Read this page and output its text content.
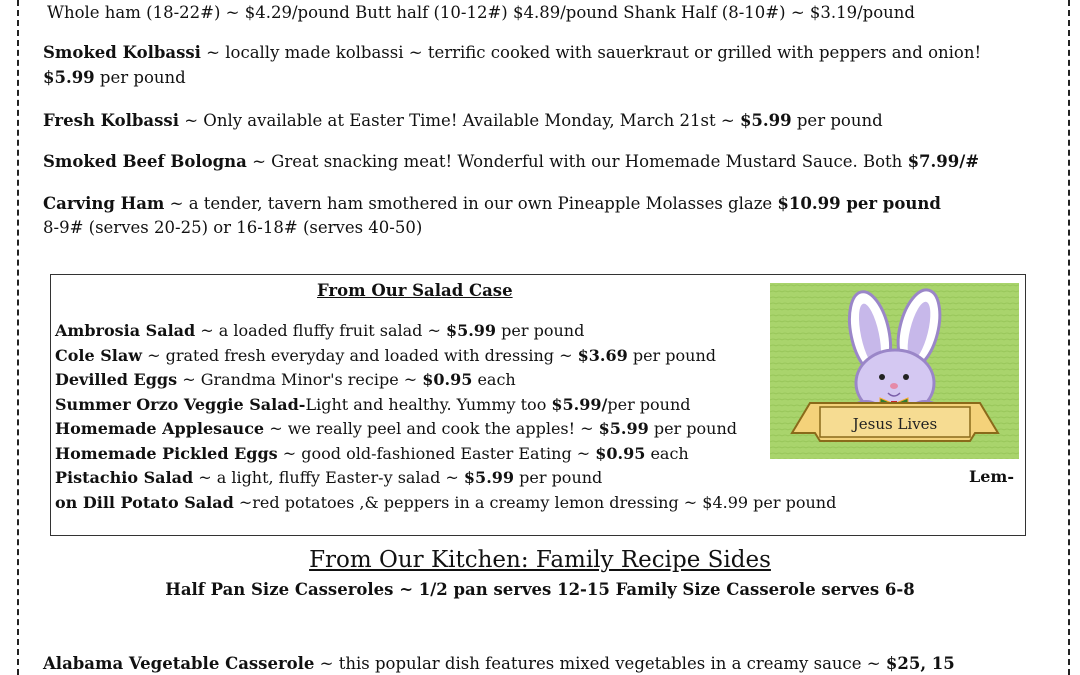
Whole ham (18-22#) ~ $4.29/pound Butt half (10-12#) $4.89/pound Shank Half (8-10#) ~ $3.19/pound
Smoked Kolbassi ~ locally made kolbassi ~ terrific cooked with sauerkraut or grilled with peppers and onion!
$5.99 per pound
Fresh Kolbassi ~ Only available at Easter Time! Available Monday, March 21st ~ $5.99 per pound
Smoked Beef Bologna ~ Great snacking meat! Wonderful with our Homemade Mustard Sauce. Both $7.99/#
Carving Ham ~ a tender, tavern ham smothered in our own Pineapple Molasses glaze $10.99 per pound
8-9# (serves 20-25) or 16-18# (serves 40-50)
From Our Salad Case
Ambrosia Salad ~ a loaded fluffy fruit salad ~ $5.99 per pound
Cole Slaw ~ grated fresh everyday and loaded with dressing ~ $3.69 per pound
Devilled Eggs ~ Grandma Minor's recipe ~ $0.95 each
Summer Orzo Veggie Salad-Light and healthy. Yummy too $5.99/per pound
Homemade Applesauce ~ we really peel and cook the apples! ~ $5.99 per pound
Homemade Pickled Eggs ~ good old-fashioned Easter Eating ~ $0.95 each
Pistachio Salad ~ a light, fluffy Easter-y salad ~ $5.99 per pound
on Dill Potato Salad ~red potatoes ,& peppers in a creamy lemon dressing ~ $4.99 per pound
Lem-
Jesus Lives
From Our Kitchen: Family Recipe Sides
Half Pan Size Casseroles ~ 1/2 pan serves 12-15 Family Size Casserole serves 6-8
Alabama Vegetable Casserole ~ this popular dish features mixed vegetables in a creamy sauce ~ $25, 15
